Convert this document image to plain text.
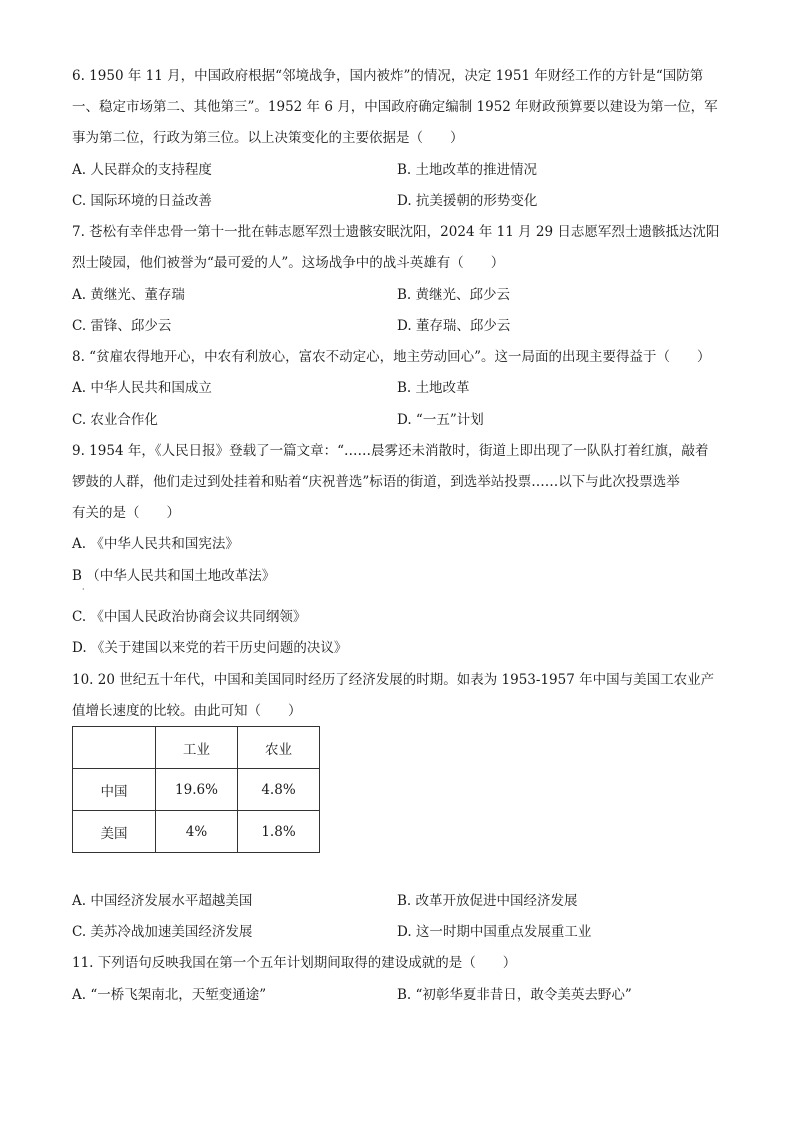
6. 1950 年 11 月，中国政府根据“邻境战争，国内被炸”的情况，决定 1951 年财经工作的方针是“国防第
一、稳定市场第二、其他第三”。1952 年 6 月，中国政府确定编制 1952 年财政预算要以建设为第一位，军
事为第二位，行政为第三位。以上决策变化的主要依据是（　　）
A. 人民群众的支持程度	B. 土地改革的推进情况
C. 国际环境的日益改善	D. 抗美援朝的形势变化
7. 苍松有幸伴忠骨一第十一批在韩志愿军烈士遗骸安眠沈阳，2024 年 11 月 29 日志愿军烈士遗骸抵达沈阳
烈士陵园，他们被誉为“最可爱的人”。这场战争中的战斗英雄有（　　）
A. 黄继光、董存瑞	B. 黄继光、邱少云
C. 雷锋、邱少云	D. 董存瑞、邱少云
8. “贫雇农得地开心，中农有利放心，富农不动定心，地主劳动回心”。这一局面的出现主要得益于（　　）
A. 中华人民共和国成立	B. 土地改革
C. 农业合作化	D. “一五”计划
9. 1954 年，《人民日报》登载了一篇文章：“……晨雾还未消散时，街道上即出现了一队队打着红旗，敲着
锣鼓的人群，他们走过到处挂着和贴着“庆祝普选”标语的街道，到选举站投票……以下与此次投票选举
有关的是（　　）
A. 《中华人民共和国宪法》
B （中华人民共和国土地改革法》
·
C. 《中国人民政治协商会议共同纲领》
D. 《关于建国以来党的若干历史问题的决议》
10. 20 世纪五十年代，中国和美国同时经历了经济发展的时期。如表为 1953-1957 年中国与美国工农业产
值增长速度的比较。由此可知（　　）
	工业	农业
中国	19.6%	4.8%
美国	4%	1.8%
A. 中国经济发展水平超越美国	B. 改革开放促进中国经济发展
C. 美苏冷战加速美国经济发展	D. 这一时期中国重点发展重工业
11. 下列语句反映我国在第一个五年计划期间取得的建设成就的是（　　）
A. “一桥飞架南北，天堑变通途”	B. “初彰华夏非昔日，敢令美英去野心”
